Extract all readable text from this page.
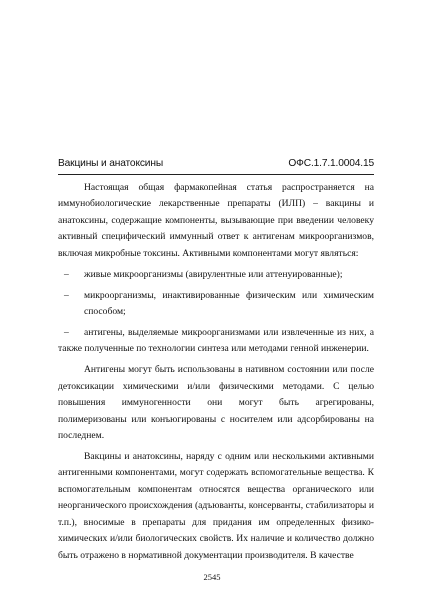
Вакцины и анатоксины	ОФС.1.7.1.0004.15

Настоящая общая фармакопейная статья распространяется на иммунобиологические лекарственные препараты (ИЛП) – вакцины и анатоксины, содержащие компоненты, вызывающие при введении человеку активный специфический иммунный ответ к антигенам микроорганизмов, включая микробные токсины. Активными компонентами могут являться:

–	живые микроорганизмы (авирулентные или аттенуированные);
–	микроорганизмы, инактивированные физическим или химическим способом;
– антигены, выделяемые микроорганизмами или извлеченные из них, а также полученные по технологии синтеза или методами генной инженерии.

Антигены могут быть использованы в нативном состоянии или после детоксикации химическими и/или физическими методами. С целью повышения иммуногенности они могут быть агрегированы, полимеризованы или конъюгированы с носителем или адсорбированы на последнем.

Вакцины и анатоксины, наряду с одним или несколькими активными антигенными компонентами, могут содержать вспомогательные вещества. К вспомогательным компонентам относятся вещества органического или неорганического происхождения (адъюванты, консерванты, стабилизаторы и т.п.), вносимые в препараты для придания им определенных физико-химических и/или биологических свойств. Их наличие и количество должно быть отражено в нормативной документации производителя. В качестве

2545
